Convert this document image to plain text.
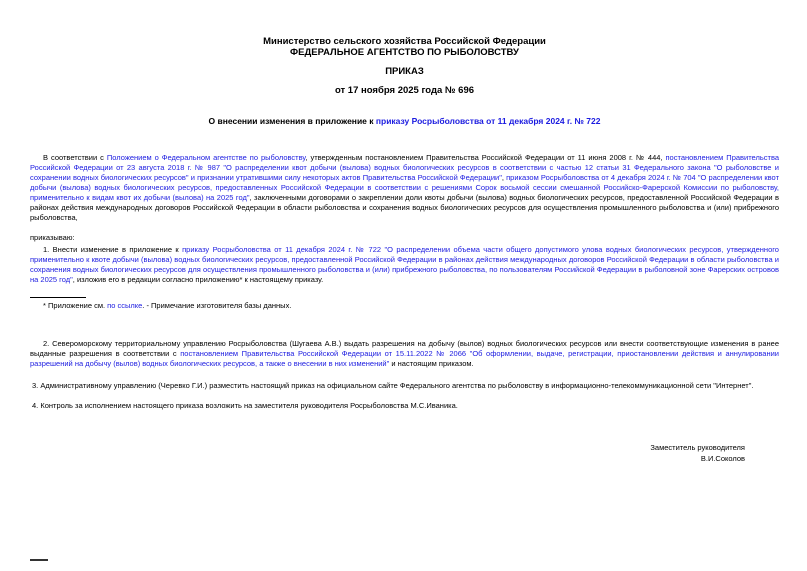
Министерство сельского хозяйства Российской Федерации
ФЕДЕРАЛЬНОЕ АГЕНТСТВО ПО РЫБОЛОВСТВУ
ПРИКАЗ
от 17 ноября 2025 года № 696
О внесении изменения в приложение к приказу Росрыболовства от 11 декабря 2024 г. № 722

В соответствии с Положением о Федеральном агентстве по рыболовству, утвержденным постановлением Правительства Российской Федерации от 11 июня 2008 г. № 444, постановлением Правительства Российской Федерации от 23 августа 2018 г. № 987 "О распределении квот добычи (вылова) водных биологических ресурсов в соответствии с частью 12 статьи 31 Федерального закона "О рыболовстве и сохранении водных биологических ресурсов" и признании утратившими силу некоторых актов Правительства Российской Федерации", приказом Росрыболовства от 4 декабря 2024 г. № 704 "О распределении квот добычи (вылова) водных биологических ресурсов, предоставленных Российской Федерации в соответствии с решениями Сорок восьмой сессии смешанной Российско-Фарерской Комиссии по рыболовству, применительно к видам квот их добычи (вылова) на 2025 год", заключенными договорами о закреплении доли квоты добычи (вылова) водных биологических ресурсов, предоставленной Российской Федерации в районах действия международных договоров Российской Федерации в области рыболовства и сохранения водных биологических ресурсов для осуществления промышленного рыболовства и (или) прибрежного рыболовства,

приказываю:

1. Внести изменение в приложение к приказу Росрыболовства от 11 декабря 2024 г. № 722 "О распределении объема части общего допустимого улова водных биологических ресурсов, утвержденного применительно к квоте добычи (вылова) водных биологических ресурсов, предоставленной Российской Федерации в районах действия международных договоров Российской Федерации в области рыболовства и сохранения водных биологических ресурсов для осуществления промышленного рыболовства и (или) прибрежного рыболовства, по пользователям Российской Федерации в рыболовной зоне Фарерских островов на 2025 год", изложив его в редакции согласно приложению* к настоящему приказу.

* Приложение см. по ссылке. - Примечание изготовителя базы данных.

2. Североморскому территориальному управлению Росрыболовства (Шугаева А.В.) выдать разрешения на добычу (вылов) водных биологических ресурсов или внести соответствующие изменения в ранее выданные разрешения в соответствии с постановлением Правительства Российской Федерации от 15.11.2022 № 2066 "Об оформлении, выдаче, регистрации, приостановлении действия и аннулировании разрешений на добычу (вылов) водных биологических ресурсов, а также о внесении в них изменений" и настоящим приказом.

3. Административному управлению (Черевко Г.И.) разместить настоящий приказ на официальном сайте Федерального агентства по рыболовству в информационно-телекоммуникационной сети "Интернет".

4. Контроль за исполнением настоящего приказа возложить на заместителя руководителя Росрыболовства М.С.Иваника.

Заместитель руководителя
В.И.Соколов
